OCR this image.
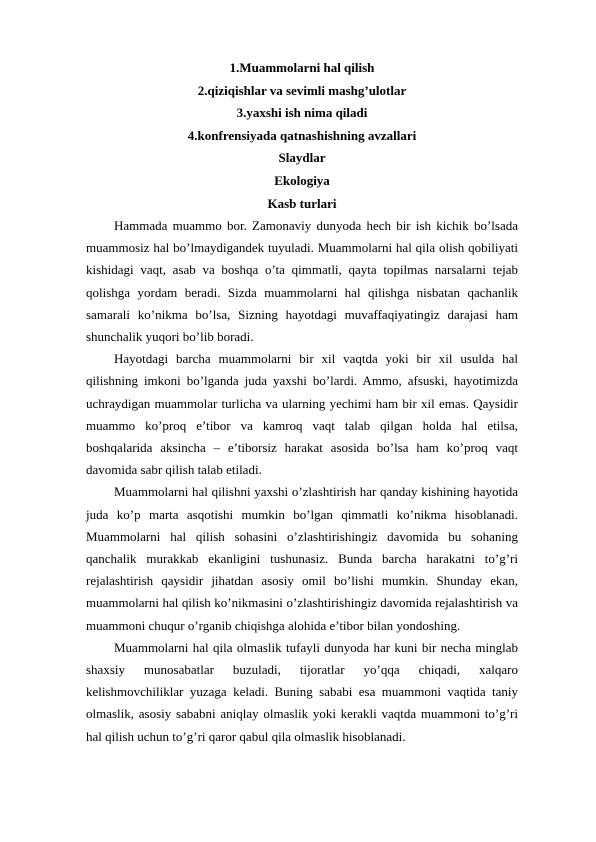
1.Muammolarni hal qilish
2.qiziqishlar va sevimli mashg’ulotlar
3.yaxshi ish nima qiladi
4.konfrensiyada qatnashishning avzallari
Slaydlar
Ekologiya
Kasb turlari

Hammada muammo bor. Zamonaviy dunyoda hech bir ish kichik bo’lsada muammosiz hal bo’lmaydigandek tuyuladi. Muammolarni hal qila olish qobiliyati kishidagi vaqt, asab va boshqa o’ta qimmatli, qayta topilmas narsalarni tejab qolishga yordam beradi. Sizda muammolarni hal qilishga nisbatan qachanlik samarali ko’nikma bo’lsa, Sizning hayotdagi muvaffaqiyatingiz darajasi ham shunchalik yuqori bo’lib boradi.

Hayotdagi barcha muammolarni bir xil vaqtda yoki bir xil usulda hal qilishning imkoni bo’lganda juda yaxshi bo’lardi. Ammo, afsuski, hayotimizda uchraydigan muammolar turlicha va ularning yechimi ham bir xil emas. Qaysidir muammo ko’proq e’tibor va kamroq vaqt talab qilgan holda hal etilsa, boshqalarida aksincha – e’tiborsiz harakat asosida bo’lsa ham ko’proq vaqt davomida sabr qilish talab etiladi.

Muammolarni hal qilishni yaxshi o’zlashtirish har qanday kishining hayotida juda ko’p marta asqotishi mumkin bo’lgan qimmatli ko’nikma hisoblanadi. Muammolarni hal qilish sohasini o’zlashtirishingiz davomida bu sohaning qanchalik murakkab ekanligini tushunasiz. Bunda barcha harakatni to’g’ri rejalashtirish qaysidir jihatdan asosiy omil bo’lishi mumkin. Shunday ekan, muammolarni hal qilish ko’nikmasini o’zlashtirishingiz davomida rejalashtirish va muammoni chuqur o’rganib chiqishga alohida e’tibor bilan yondoshing.

Muammolarni hal qila olmaslik tufayli dunyoda har kuni bir necha minglab shaxsiy munosabatlar buzuladi, tijoratlar yo’qqa chiqadi, xalqaro kelishmovchiliklar yuzaga keladi. Buning sababi esa muammoni vaqtida taniy olmaslik, asosiy sababni aniqlay olmaslik yoki kerakli vaqtda muammoni to’g’ri hal qilish uchun to’g’ri qaror qabul qila olmaslik hisoblanadi.
